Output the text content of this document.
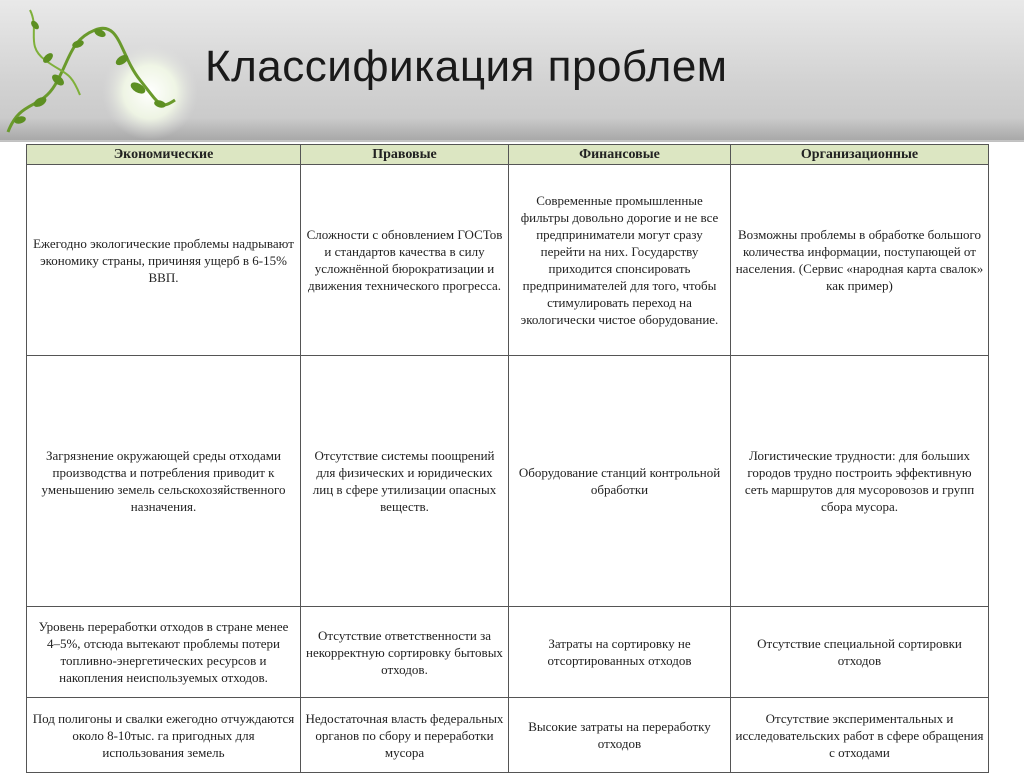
Классификация проблем
Экономические	Правовые	Финансовые	Организационные
Ежегодно экологические проблемы надрывают экономику страны, причиняя ущерб в 6-15% ВВП.	Сложности с обновлением ГОСТов и стандартов качества в силу усложнённой бюрократизации и движения технического прогресса.	Современные промышленные фильтры довольно дорогие и не все предприниматели могут сразу перейти на них. Государству приходится спонсировать предпринимателей для того, чтобы стимулировать переход на экологически чистое оборудование.	Возможны проблемы в обработке большого количества информации, поступающей от населения. (Сервис «народная карта свалок» как пример)
Загрязнение окружающей среды отходами производства и потребления приводит к уменьшению земель сельскохозяйственного назначения.	Отсутствие системы поощрений для физических и юридических лиц в сфере утилизации опасных веществ.	Оборудование станций контрольной обработки	Логистические трудности: для больших городов трудно построить эффективную сеть маршрутов для мусоровозов и групп сбора мусора.
Уровень переработки отходов в стране менее 4–5%, отсюда вытекают проблемы потери топливно-энергетических ресурсов и накопления неиспользуемых отходов.	Отсутствие ответственности за некорректную сортировку бытовых отходов.	Затраты на сортировку не отсортированных отходов	Отсутствие специальной сортировки отходов
Под полигоны и свалки ежегодно отчуждаются около 8-10тыс. га пригодных для использования земель	Недостаточная власть федеральных органов по сбору и переработки мусора	Высокие затраты на переработку отходов	Отсутствие экспериментальных и исследовательских работ в сфере обращения с отходами
